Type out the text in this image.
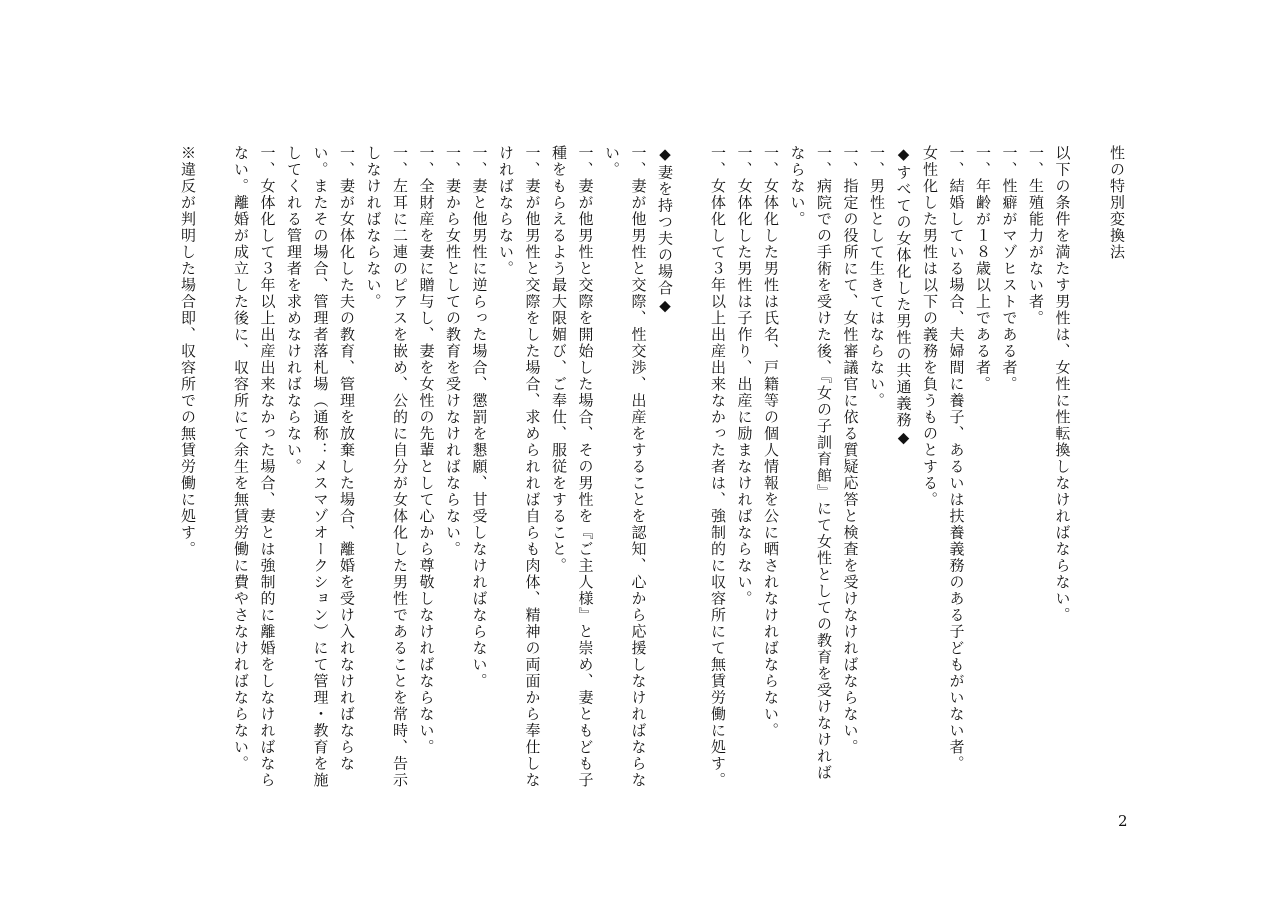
性の特別変換法

以下の条件を満たす男性は、女性に性転換しなければならない。

一、生殖能力がない者。

一、性癖がマゾヒストである者。

一、年齢が１８歳以上である者。

一、結婚している場合、夫婦間に養子、あるいは扶養義務のある子どもがいない者。

女性化した男性は以下の義務を負うものとする。

◆すべての女体化した男性の共通義務◆

一、男性として生きてはならない。

一、指定の役所にて、女性審議官に依る質疑応答と検査を受けなければならない。

一、病院での手術を受けた後、『女の子訓育館』にて女性としての教育を受けなければならない。

一、女体化した男性は氏名、戸籍等の個人情報を公に晒されなければならない。

一、女体化した男性は子作り、出産に励まなければならない。

一、女体化して３年以上出産出来なかった者は、強制的に収容所にて無賃労働に処す。

◆妻を持つ夫の場合◆

一、妻が他男性と交際、性交渉、出産をすることを認知、心から応援しなければならない。

一、妻が他男性と交際を開始した場合、その男性を『ご主人様』と崇め、妻ともども子種をもらえるよう最大限媚び、ご奉仕、服従をすること。

一、妻が他男性と交際をした場合、求められれば自らも肉体、精神の両面から奉仕しなければならない。

一、妻と他男性に逆らった場合、懲罰を懇願、甘受しなければならない。

一、妻から女性としての教育を受けなければならない。

一、全財産を妻に贈与し、妻を女性の先輩として心から尊敬しなければならない。

一、左耳に二連のピアスを嵌め、公的に自分が女体化した男性であることを常時、告示しなければならない。

一、妻が女体化した夫の教育、管理を放棄した場合、離婚を受け入れなければならない。またその場合、管理者落札場（通称：メスマゾオークション）にて管理・教育を施してくれる管理者を求めなければならない。

一、女体化して３年以上出産出来なかった場合、妻とは強制的に離婚をしなければならない。離婚が成立した後に、収容所にて余生を無賃労働に費やさなければならない。

※違反が判明した場合即、収容所での無賃労働に処す。

2
